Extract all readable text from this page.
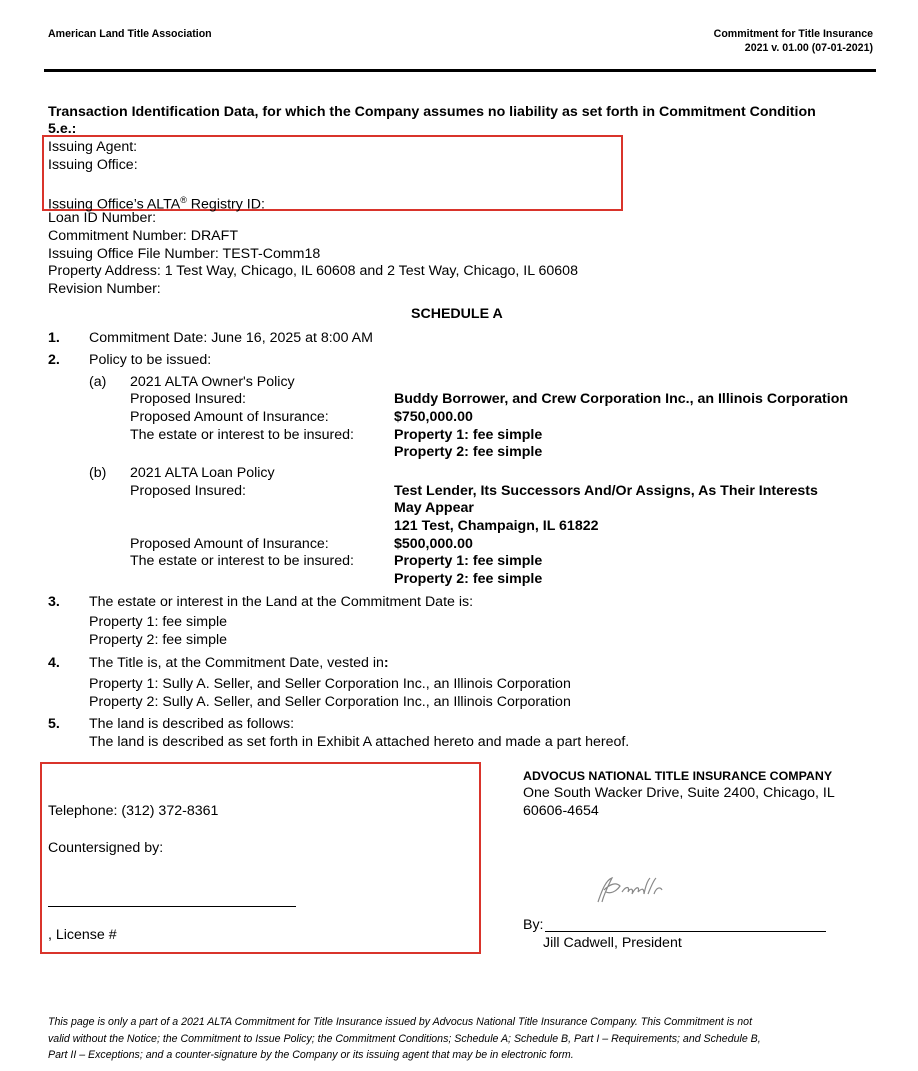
American Land Title Association	Commitment for Title Insurance
2021 v. 01.00 (07-01-2021)
Transaction Identification Data, for which the Company assumes no liability as set forth in Commitment Condition
5.e.:
Issuing Agent:
Issuing Office:
Issuing Office’s ALTA® Registry ID:
Loan ID Number:
Commitment Number: DRAFT
Issuing Office File Number: TEST-Comm18
Property Address: 1 Test Way, Chicago, IL 60608 and 2 Test Way, Chicago, IL 60608
Revision Number:
SCHEDULE A
1. Commitment Date: June 16, 2025 at 8:00 AM
2. Policy to be issued:
(a) 2021 ALTA Owner's Policy
Proposed Insured:	Buddy Borrower, and Crew Corporation Inc., an Illinois Corporation
Proposed Amount of Insurance:	$750,000.00
The estate or interest to be insured:	Property 1: fee simple
Property 2: fee simple
(b) 2021 ALTA Loan Policy
Proposed Insured:	Test Lender, Its Successors And/Or Assigns, As Their Interests
May Appear
121 Test, Champaign, IL 61822
Proposed Amount of Insurance:	$500,000.00
The estate or interest to be insured:	Property 1: fee simple
Property 2: fee simple
3. The estate or interest in the Land at the Commitment Date is:
Property 1: fee simple
Property 2: fee simple
4. The Title is, at the Commitment Date, vested in:
Property 1: Sully A. Seller, and Seller Corporation Inc., an Illinois Corporation
Property 2: Sully A. Seller, and Seller Corporation Inc., an Illinois Corporation
5. The land is described as follows:
The land is described as set forth in Exhibit A attached hereto and made a part hereof.
Telephone: (312) 372-8361
Countersigned by:
, License #
ADVOCUS NATIONAL TITLE INSURANCE COMPANY
One South Wacker Drive, Suite 2400, Chicago, IL
60606-4654
By:
Jill Cadwell, President
This page is only a part of a 2021 ALTA Commitment for Title Insurance issued by Advocus National Title Insurance Company. This Commitment is not
valid without the Notice; the Commitment to Issue Policy; the Commitment Conditions; Schedule A; Schedule B, Part I – Requirements; and Schedule B,
Part II – Exceptions; and a counter-signature by the Company or its issuing agent that may be in electronic form.
